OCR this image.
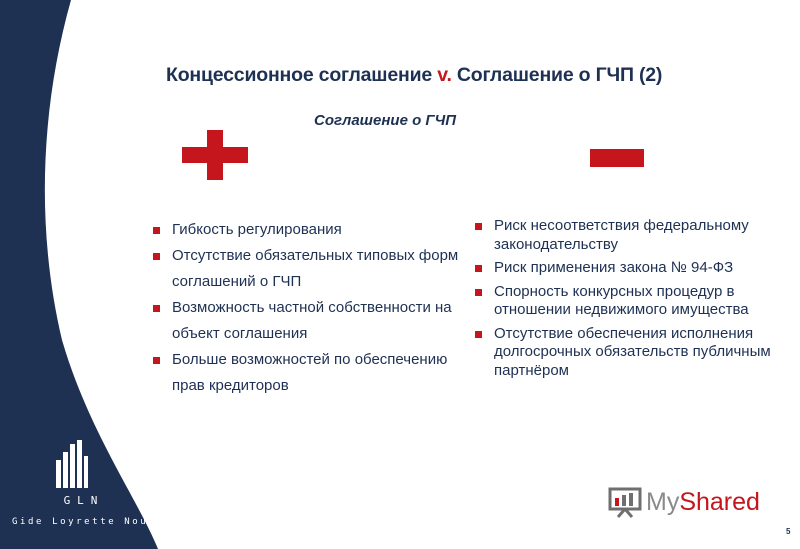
Концессионное соглашение v. Соглашение о ГЧП (2)
Соглашение о ГЧП
Гибкость регулирования
Отсутствие обязательных типовых форм соглашений о ГЧП
Возможность частной собственности на объект соглашения
Больше возможностей по обеспечению прав кредиторов
Риск несоответствия федеральному законодательству
Риск применения закона № 94-ФЗ
Спорность конкурсных процедур в отношении недвижимого имущества
Отсутствие обеспечения исполнения долгосрочных обязательств публичным партнёром
GLN
Gide Loyrette Nouel
MyShared
5
